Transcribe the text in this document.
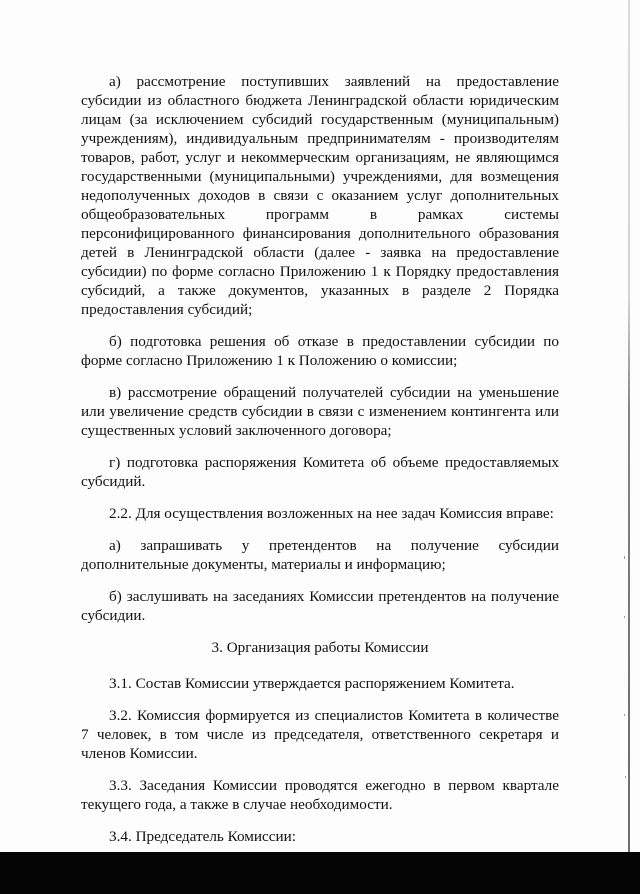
а) рассмотрение поступивших заявлений на предоставление субсидии из областного бюджета Ленинградской области юридическим лицам (за исключением субсидий государственным (муниципальным) учреждениям), индивидуальным предпринимателям - производителям товаров, работ, услуг и некоммерческим организациям, не являющимся государственными (муниципальными) учреждениями, для возмещения недополученных доходов в связи с оказанием услуг дополнительных общеобразовательных программ в рамках системы персонифицированного финансирования дополнительного образования детей в Ленинградской области (далее - заявка на предоставление субсидии) по форме согласно Приложению 1 к Порядку предоставления субсидий, а также документов, указанных в разделе 2 Порядка предоставления субсидий;

б) подготовка решения об отказе в предоставлении субсидии по форме согласно Приложению 1 к Положению о комиссии;

в) рассмотрение обращений получателей субсидии на уменьшение или увеличение средств субсидии в связи с изменением контингента или существенных условий заключенного договора;

г) подготовка распоряжения Комитета об объеме предоставляемых субсидий.

2.2. Для осуществления возложенных на нее задач Комиссия вправе:

а) запрашивать у претендентов на получение субсидии дополнительные документы, материалы и информацию;

б) заслушивать на заседаниях Комиссии претендентов на получение субсидии.

3. Организация работы Комиссии

3.1. Состав Комиссии утверждается распоряжением Комитета.

3.2. Комиссия формируется из специалистов Комитета в количестве 7 человек, в том числе из председателя, ответственного секретаря и членов Комиссии.

3.3. Заседания Комиссии проводятся ежегодно в первом квартале текущего года, а также в случае необходимости.

3.4. Председатель Комиссии:
